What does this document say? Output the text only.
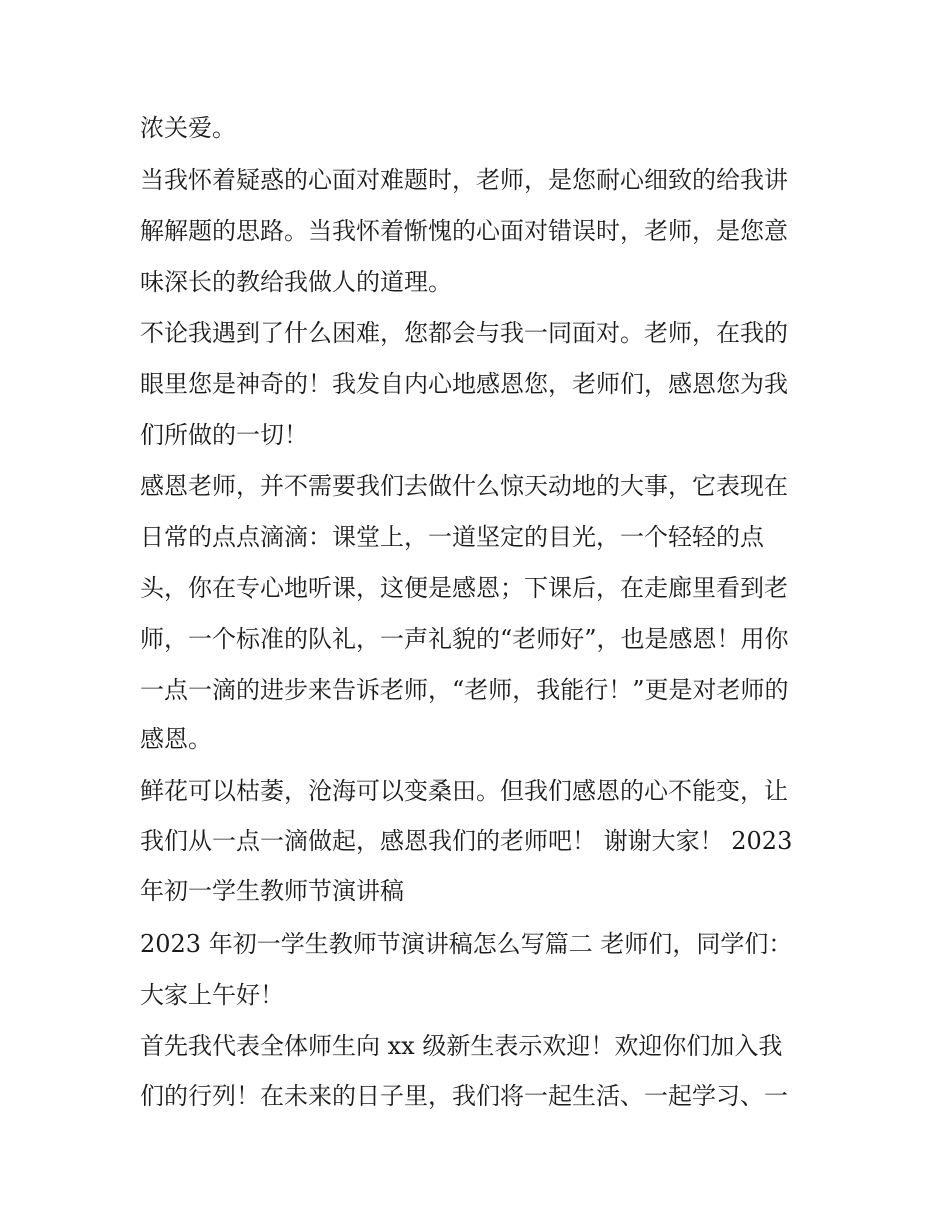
浓关爱。
当我怀着疑惑的心面对难题时，老师，是您耐心细致的给我讲
解解题的思路。当我怀着惭愧的心面对错误时，老师，是您意
味深长的教给我做人的道理。
不论我遇到了什么困难，您都会与我一同面对。老师，在我的
眼里您是神奇的！我发自内心地感恩您，老师们，感恩您为我
们所做的一切！
感恩老师，并不需要我们去做什么惊天动地的大事，它表现在
日常的点点滴滴：课堂上，一道坚定的目光，一个轻轻的点
头，你在专心地听课，这便是感恩；下课后，在走廊里看到老
师，一个标准的队礼，一声礼貌的“老师好”，也是感恩！用你
一点一滴的进步来告诉老师，“老师，我能行！”更是对老师的
感恩。
鲜花可以枯萎，沧海可以变桑田。但我们感恩的心不能变，让
我们从一点一滴做起，感恩我们的老师吧！ 谢谢大家！ 2023
年初一学生教师节演讲稿
2023 年初一学生教师节演讲稿怎么写篇二 老师们，同学们：
大家上午好！
首先我代表全体师生向 xx 级新生表示欢迎！欢迎你们加入我
们的行列！在未来的日子里，我们将一起生活、一起学习、一
